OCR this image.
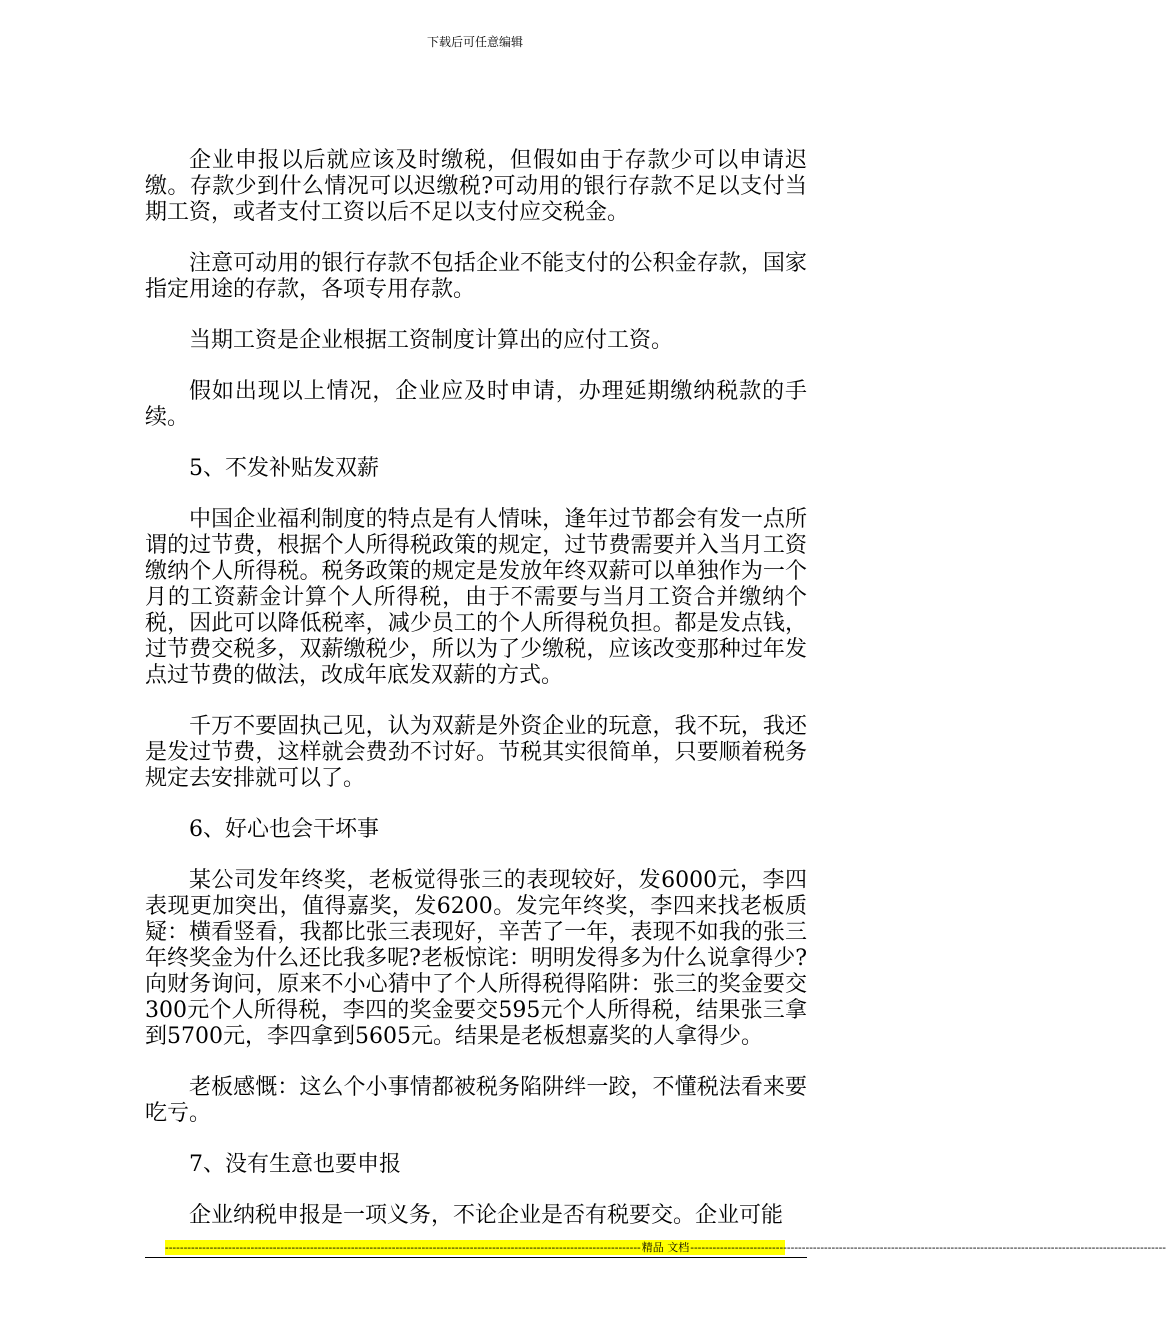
下载后可任意编辑

企业申报以后就应该及时缴税，但假如由于存款少可以申请迟缴。存款少到什么情况可以迟缴税?可动用的银行存款不足以支付当期工资，或者支付工资以后不足以支付应交税金。

注意可动用的银行存款不包括企业不能支付的公积金存款，国家指定用途的存款，各项专用存款。

当期工资是企业根据工资制度计算出的应付工资。

假如出现以上情况，企业应及时申请，办理延期缴纳税款的手续。

5、不发补贴发双薪

中国企业福利制度的特点是有人情味，逢年过节都会有发一点所谓的过节费，根据个人所得税政策的规定，过节费需要并入当月工资缴纳个人所得税。税务政策的规定是发放年终双薪可以单独作为一个月的工资薪金计算个人所得税，由于不需要与当月工资合并缴纳个税，因此可以降低税率，减少员工的个人所得税负担。都是发点钱，过节费交税多，双薪缴税少，所以为了少缴税，应该改变那种过年发点过节费的做法，改成年底发双薪的方式。

千万不要固执己见，认为双薪是外资企业的玩意，我不玩，我还是发过节费，这样就会费劲不讨好。节税其实很简单，只要顺着税务规定去安排就可以了。

6、好心也会干坏事

某公司发年终奖，老板觉得张三的表现较好，发6000元，李四表现更加突出，值得嘉奖，发6200。发完年终奖，李四来找老板质疑：横看竖看，我都比张三表现好，辛苦了一年，表现不如我的张三年终奖金为什么还比我多呢?老板惊诧：明明发得多为什么说拿得少?向财务询问，原来不小心猜中了个人所得税得陷阱：张三的奖金要交300元个人所得税，李四的奖金要交595元个人所得税，结果张三拿到5700元，李四拿到5605元。结果是老板想嘉奖的人拿得少。

老板感慨：这么个小事情都被税务陷阱绊一跤，不懂税法看来要吃亏。

7、没有生意也要申报

企业纳税申报是一项义务，不论企业是否有税要交。企业可能

-------------------------------------------------------------------------------------------------------------------------------- 精品 文档 --------------------------------------------------------------------------------------------------------------------------------
